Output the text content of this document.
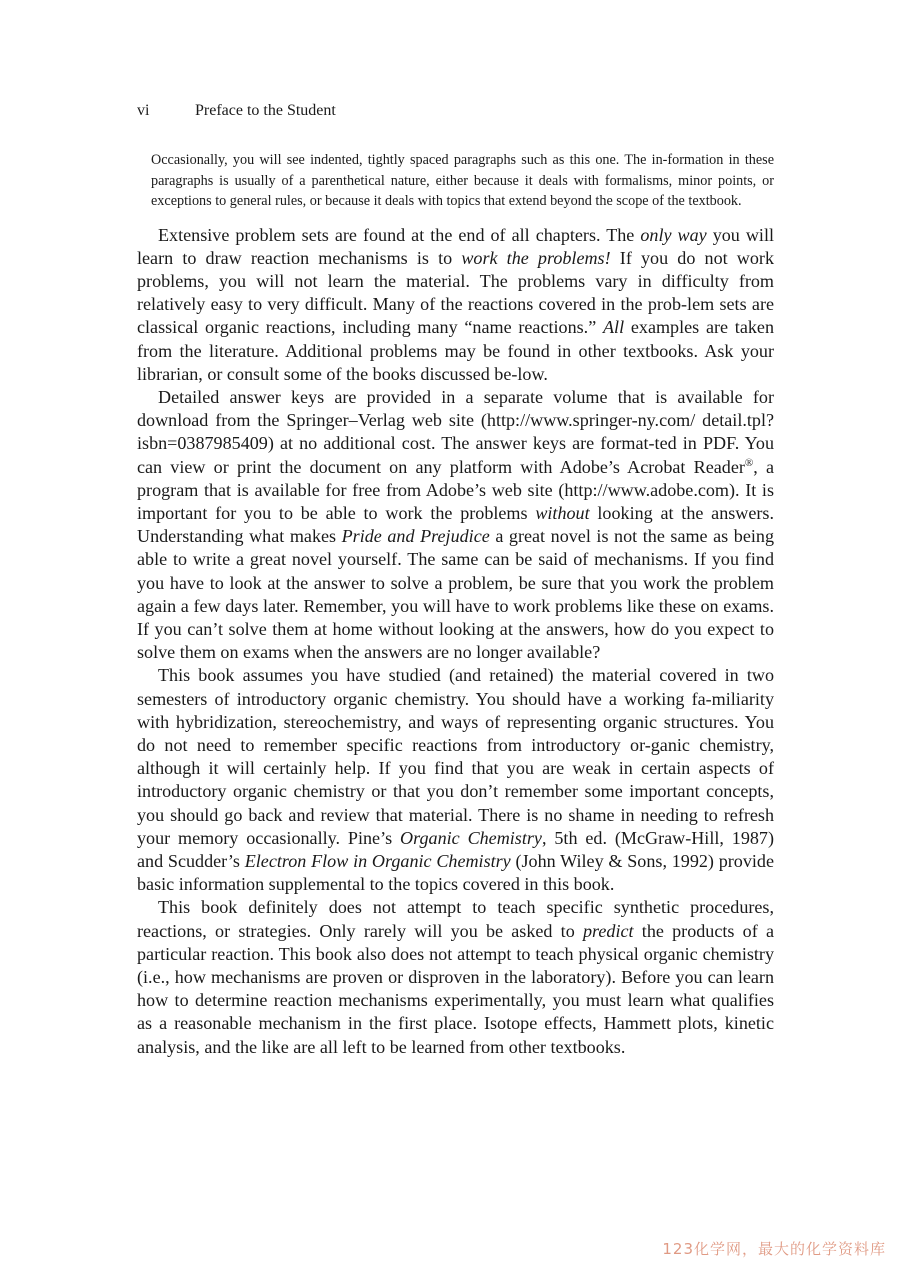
vi	Preface to the Student

Occasionally, you will see indented, tightly spaced paragraphs such as this one. The in-formation in these paragraphs is usually of a parenthetical nature, either because it deals with formalisms, minor points, or exceptions to general rules, or because it deals with topics that extend beyond the scope of the textbook.

Extensive problem sets are found at the end of all chapters. The only way you will learn to draw reaction mechanisms is to work the problems! If you do not work problems, you will not learn the material. The problems vary in difficulty from relatively easy to very difficult. Many of the reactions covered in the prob-lem sets are classical organic reactions, including many “name reactions.” All examples are taken from the literature. Additional problems may be found in other textbooks. Ask your librarian, or consult some of the books discussed be-low.

Detailed answer keys are provided in a separate volume that is available for download from the Springer–Verlag web site (http://www.springer-ny.com/ detail.tpl?isbn=0387985409) at no additional cost. The answer keys are format-ted in PDF. You can view or print the document on any platform with Adobe’s Acrobat Reader®, a program that is available for free from Adobe’s web site (http://www.adobe.com). It is important for you to be able to work the problems without looking at the answers. Understanding what makes Pride and Prejudice a great novel is not the same as being able to write a great novel yourself. The same can be said of mechanisms. If you find you have to look at the answer to solve a problem, be sure that you work the problem again a few days later. Remember, you will have to work problems like these on exams. If you can’t solve them at home without looking at the answers, how do you expect to solve them on exams when the answers are no longer available?

This book assumes you have studied (and retained) the material covered in two semesters of introductory organic chemistry. You should have a working fa-miliarity with hybridization, stereochemistry, and ways of representing organic structures. You do not need to remember specific reactions from introductory or-ganic chemistry, although it will certainly help. If you find that you are weak in certain aspects of introductory organic chemistry or that you don’t remember some important concepts, you should go back and review that material. There is no shame in needing to refresh your memory occasionally. Pine’s Organic Chemistry, 5th ed. (McGraw-Hill, 1987) and Scudder’s Electron Flow in Organic Chemistry (John Wiley & Sons, 1992) provide basic information supplemental to the topics covered in this book.

This book definitely does not attempt to teach specific synthetic procedures, reactions, or strategies. Only rarely will you be asked to predict the products of a particular reaction. This book also does not attempt to teach physical organic chemistry (i.e., how mechanisms are proven or disproven in the laboratory). Before you can learn how to determine reaction mechanisms experimentally, you must learn what qualifies as a reasonable mechanism in the first place. Isotope effects, Hammett plots, kinetic analysis, and the like are all left to be learned from other textbooks.

123化学网，最大的化学资料库
